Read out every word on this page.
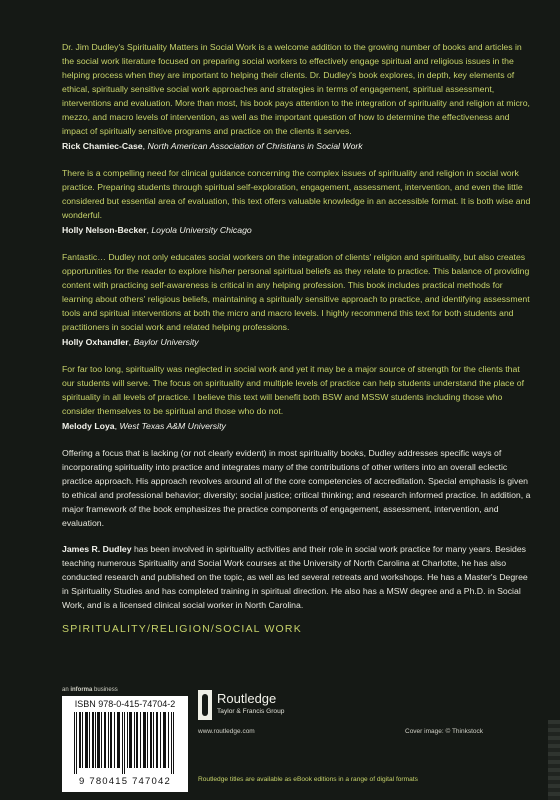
Dr. Jim Dudley's Spirituality Matters in Social Work is a welcome addition to the growing number of books and articles in the social work literature focused on preparing social workers to effectively engage spiritual and religious issues in the helping process when they are important to helping their clients. Dr. Dudley's book explores, in depth, key elements of ethical, spiritually sensitive social work approaches and strategies in terms of engagement, spiritual assessment, interventions and evaluation. More than most, his book pays attention to the integration of spirituality and religion at micro, mezzo, and macro levels of intervention, as well as the important question of how to determine the effectiveness and impact of spiritually sensitive programs and practice on the clients it serves.

Rick Chamiec-Case, North American Association of Christians in Social Work

There is a compelling need for clinical guidance concerning the complex issues of spirituality and religion in social work practice. Preparing students through spiritual self-exploration, engagement, assessment, intervention, and even the little considered but essential area of evaluation, this text offers valuable knowledge in an accessible format. It is both wise and wonderful.

Holly Nelson-Becker, Loyola University Chicago

Fantastic… Dudley not only educates social workers on the integration of clients' religion and spirituality, but also creates opportunities for the reader to explore his/her personal spiritual beliefs as they relate to practice. This balance of providing content with practicing self-awareness is critical in any helping profession. This book includes practical methods for learning about others' religious beliefs, maintaining a spiritually sensitive approach to practice, and identifying assessment tools and spiritual interventions at both the micro and macro levels. I highly recommend this text for both students and practitioners in social work and related helping professions.

Holly Oxhandler, Baylor University

For far too long, spirituality was neglected in social work and yet it may be a major source of strength for the clients that our students will serve. The focus on spirituality and multiple levels of practice can help students understand the place of spirituality in all levels of practice. I believe this text will benefit both BSW and MSSW students including those who consider themselves to be spiritual and those who do not.

Melody Loya, West Texas A&M University

Offering a focus that is lacking (or not clearly evident) in most spirituality books, Dudley addresses specific ways of incorporating spirituality into practice and integrates many of the contributions of other writers into an overall eclectic practice approach. His approach revolves around all of the core competencies of accreditation. Special emphasis is given to ethical and professional behavior; diversity; social justice; critical thinking; and research informed practice. In addition, a major framework of the book emphasizes the practice components of engagement, assessment, intervention, and evaluation.

James R. Dudley has been involved in spirituality activities and their role in social work practice for many years. Besides teaching numerous Spirituality and Social Work courses at the University of North Carolina at Charlotte, he has also conducted research and published on the topic, as well as led several retreats and workshops. He has a Master's Degree in Spirituality Studies and has completed training in spiritual direction. He also has a MSW degree and a Ph.D. in Social Work, and is a licensed clinical social worker in North Carolina.

SPIRITUALITY/RELIGION/SOCIAL WORK
an informa business
ISBN 978-0-415-74704-2
9 780415 747042
Routledge
Taylor & Francis Group
www.routledge.com	Cover image: © Thinkstock
Routledge titles are available as eBook editions in a range of digital formats
